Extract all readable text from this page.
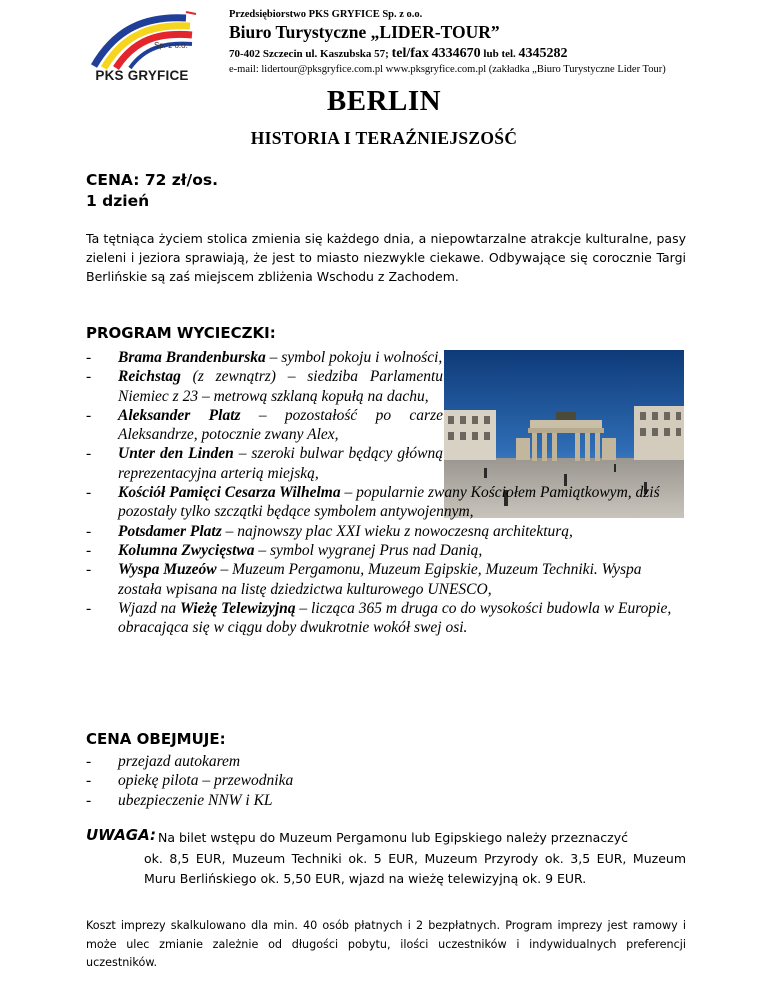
Sp. z o.o.
PKS GRYFICE
Przedsiębiorstwo PKS GRYFICE Sp. z o.o.
Biuro Turystyczne „LIDER-TOUR”
70-402 Szczecin ul. Kaszubska 57; tel/fax 4334670 lub tel. 4345282
e-mail: lidertour@pksgryfice.com.pl www.pksgryfice.com.pl (zakładka „Biuro Turystyczne Lider Tour)
BERLIN
HISTORIA I TERAŹNIEJSZOŚĆ
CENA: 72 zł/os.
1 dzień
Ta tętniąca życiem stolica zmienia się każdego dnia, a niepowtarzalne atrakcje kulturalne, pasy zieleni i jeziora sprawiają, że jest to miasto niezwykle ciekawe. Odbywające się corocznie Targi Berlińskie są zaś miejscem zbliżenia Wschodu z Zachodem.
PROGRAM WYCIECZKI:
- Brama Brandenburska – symbol pokoju i wolności,
- Reichstag (z zewnątrz) – siedziba Parlamentu Niemiec z 23 – metrową szklaną kopułą na dachu,
- Aleksander Platz – pozostałość po carze Aleksandrze, potocznie zwany Alex,
- Unter den Linden – szeroki bulwar będący główną reprezentacyjna arterią miejską,
- Kościół Pamięci Cesarza Wilhelma – popularnie zwany Kościołem Pamiątkowym, dziś pozostały tylko szczątki będące symbolem antywojennym,
- Potsdamer Platz – najnowszy plac XXI wieku z nowoczesną architekturą,
- Kolumna Zwycięstwa – symbol wygranej Prus nad Danią,
- Wyspa Muzeów – Muzeum Pergamonu, Muzeum Egipskie, Muzeum Techniki. Wyspa została wpisana na listę dziedzictwa kulturowego UNESCO,
- Wjazd na Wieżę Telewizyjną – licząca 365 m druga co do wysokości budowla w Europie, obracająca się w ciągu doby dwukrotnie wokół swej osi.
CENA OBEJMUJE:
- przejazd autokarem
- opiekę pilota – przewodnika
- ubezpieczenie NNW i KL
UWAGA: Na bilet wstępu do Muzeum Pergamonu lub Egipskiego należy przeznaczyć
ok. 8,5 EUR, Muzeum Techniki ok. 5 EUR, Muzeum Przyrody ok. 3,5 EUR, Muzeum Muru Berlińskiego ok. 5,50 EUR, wjazd na wieżę telewizyjną ok. 9 EUR.
Koszt imprezy skalkulowano dla min. 40 osób płatnych i 2 bezpłatnych. Program imprezy jest ramowy i może ulec zmianie zależnie od długości pobytu, ilości uczestników i indywidualnych preferencji uczestników.
